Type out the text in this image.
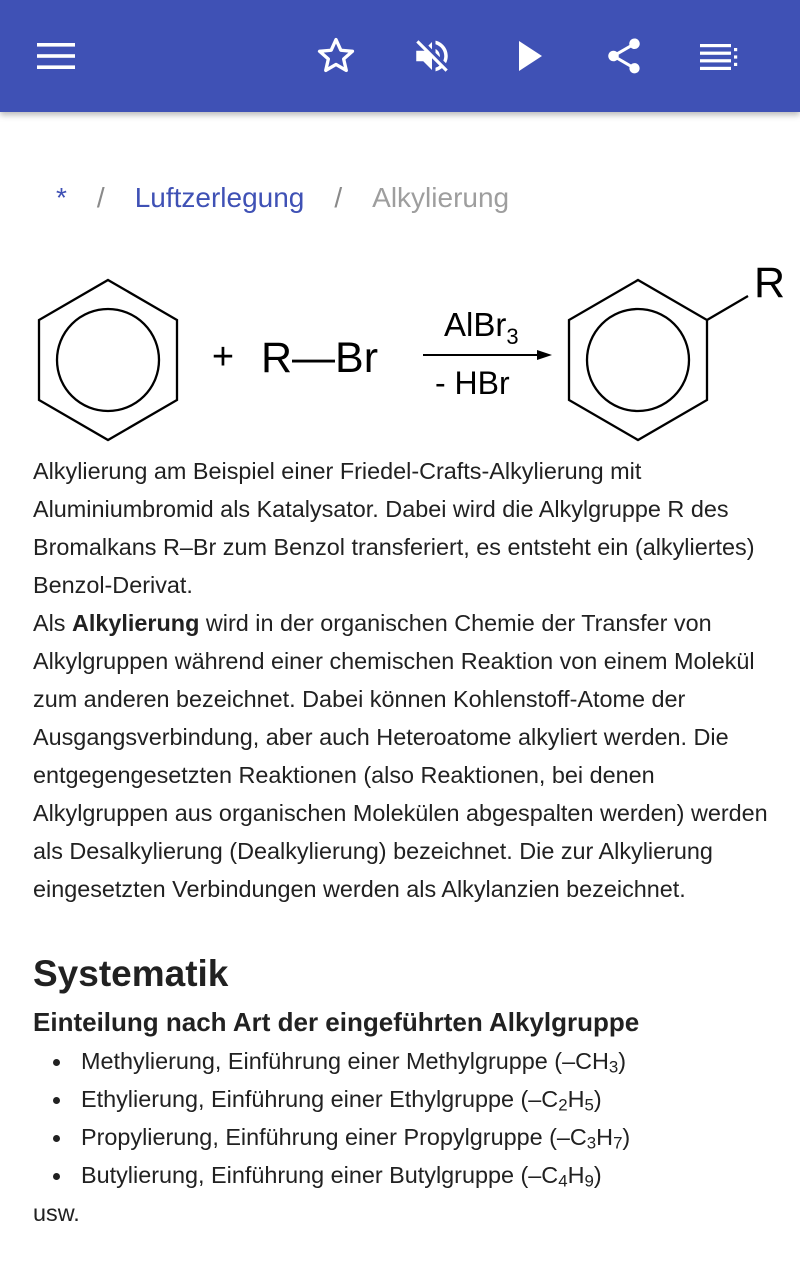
* / Luftzerlegung / Alkylierung
+ R—Br
AlBr$_3$
- HBr
R

Alkylierung am Beispiel einer Friedel-Crafts-Alkylierung mit Aluminiumbromid als Katalysator. Dabei wird die Alkylgruppe R des Bromalkans R–Br zum Benzol transferiert, es entsteht ein (alkyliertes) Benzol-Derivat.

Als Alkylierung wird in der organischen Chemie der Transfer von Alkylgruppen während einer chemischen Reaktion von einem Molekül zum anderen bezeichnet. Dabei können Kohlenstoff-Atome der Ausgangsverbindung, aber auch Heteroatome alkyliert werden. Die entgegengesetzten Reaktionen (also Reaktionen, bei denen Alkylgruppen aus organischen Molekülen abgespalten werden) werden als Desalkylierung (Dealkylierung) bezeichnet. Die zur Alkylierung eingesetzten Verbindungen werden als Alkylanzien bezeichnet.

Systematik
Einteilung nach Art der eingeführten Alkylgruppe
Methylierung, Einführung einer Methylgruppe $(-CH_3)$
Ethylierung, Einführung einer Ethylgruppe $(-C_2H_5)$
Propylierung, Einführung einer Propylgruppe $(-C_3H_7)$
Butylierung, Einführung einer Butylgruppe $(-C_4H_9)$

usw.
